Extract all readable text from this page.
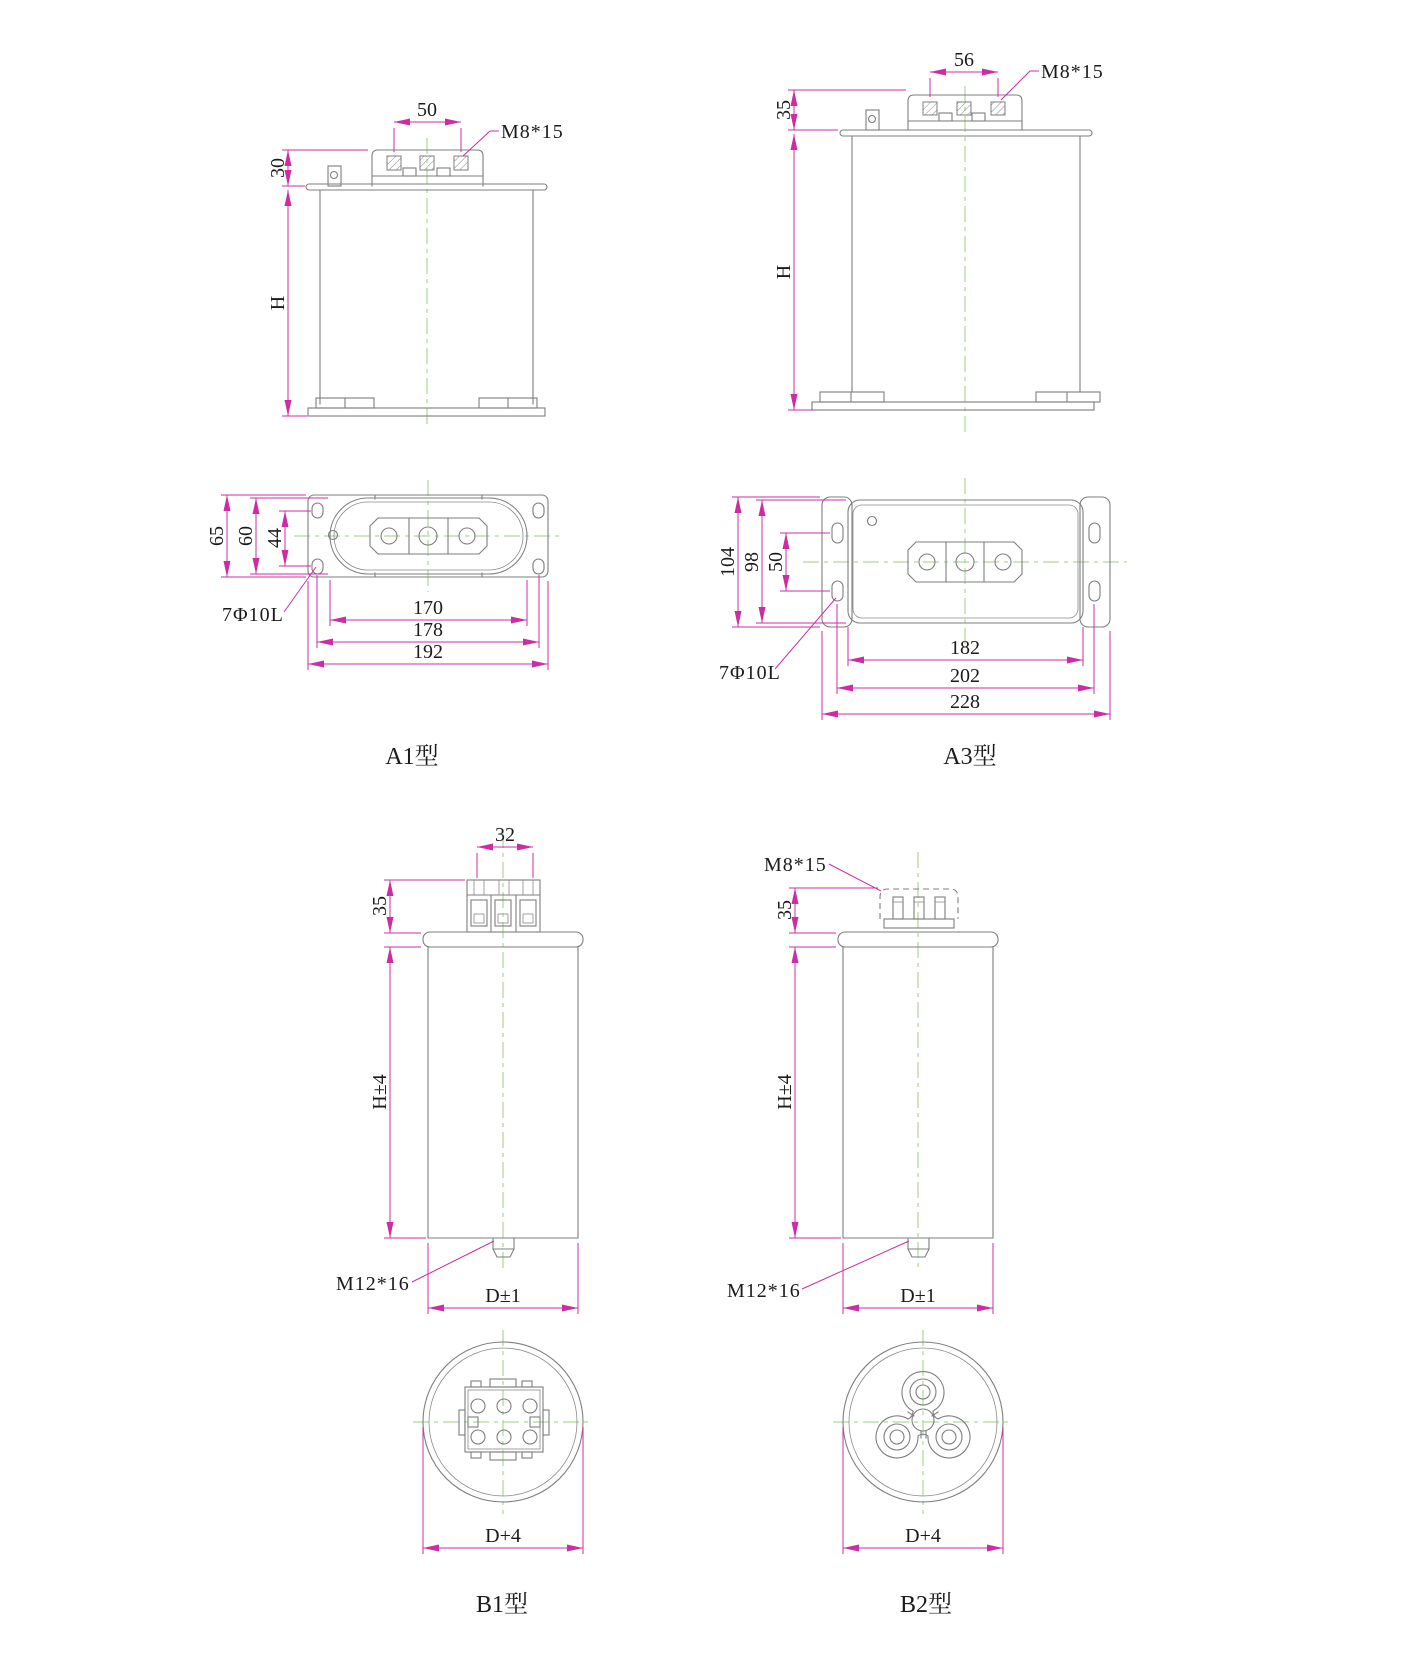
50
M8*15
30
H
56
M8*15
35
H
65 60 44
7Φ10L	170
178
192
A1型
104 98 50
7Φ10L
182
202
228
A3型
32
35
H±4
M12*16
D±1
D+4
B1型
M8*15
35
H±4
M12*16	D±1
D+4
B2型
